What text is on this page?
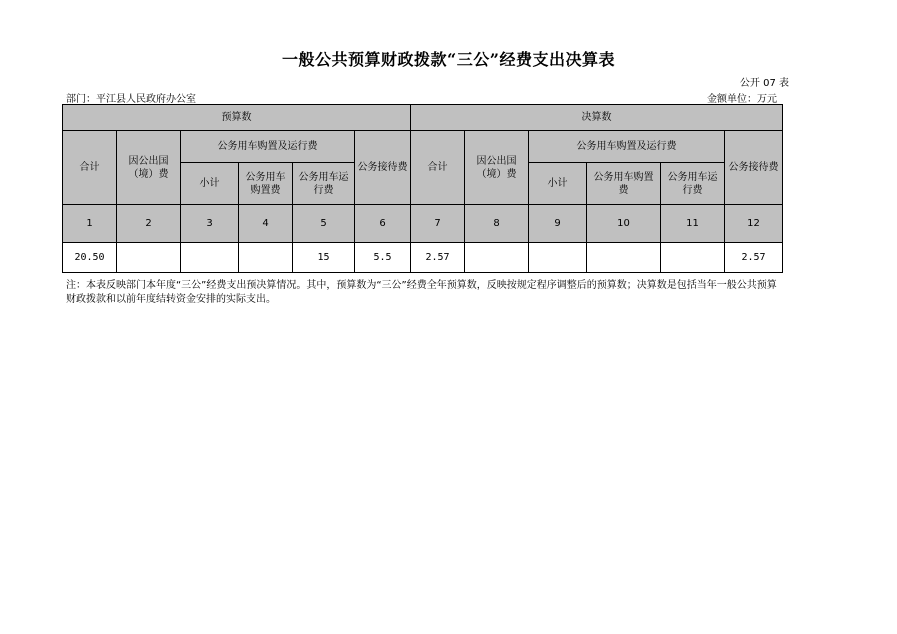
一般公共预算财政拨款“三公”经费支出决算表
公开 07 表
部门：平江县人民政府办公室	金额单位：万元
预算数						决算数					
合计	因公出国（境）费	公务用车购置及运行费			公务接待费	合计	因公出国（境）费	公务用车购置及运行费			公务接待费
		小计	公务用车购置费	公务用车运行费				小计	公务用车购置费	公务用车运行费	
1	2	3	4	5	6	7	8	9	10	11	12
20.50				15	5.5	2.57					2.57
注：本表反映部门本年度“三公”经费支出预决算情况。其中，预算数为“三公”经费全年预算数，反映按规定程序调整后的预算数；决算数是包括当年一般公共预算财政拨款和以前年度结转资金安排的实际支出。
